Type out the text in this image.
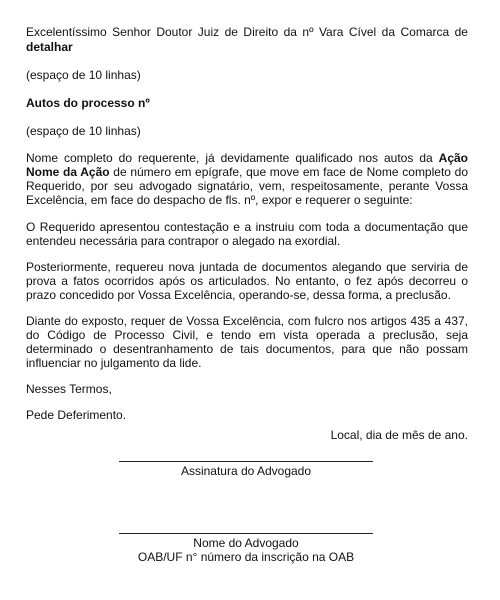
Excelentíssimo Senhor Doutor Juiz de Direito da nº Vara Cível da Comarca de detalhar

(espaço de 10 linhas)

Autos do processo nº

(espaço de 10 linhas)

Nome completo do requerente, já devidamente qualificado nos autos da Ação Nome da Ação de número em epígrafe, que move em face de Nome completo do Requerido, por seu advogado signatário, vem, respeitosamente, perante Vossa Excelência, em face do despacho de fls. nº, expor e requerer o seguinte:

O Requerido apresentou contestação e a instruiu com toda a documentação que entendeu necessária para contrapor o alegado na exordial.

Posteriormente, requereu nova juntada de documentos alegando que serviria de prova a fatos ocorridos após os articulados. No entanto, o fez após decorreu o prazo concedido por Vossa Excelência, operando-se, dessa forma, a preclusão.

Diante do exposto, requer de Vossa Excelência, com fulcro nos artigos 435 a 437, do Código de Processo Civil, e tendo em vista operada a preclusão, seja determinado o desentranhamento de tais documentos, para que não possam influenciar no julgamento da lide.

Nesses Termos,

Pede Deferimento.

Local, dia de mês de ano.

Assinatura do Advogado
Nome do Advogado
OAB/UF n° número da inscrição na OAB
